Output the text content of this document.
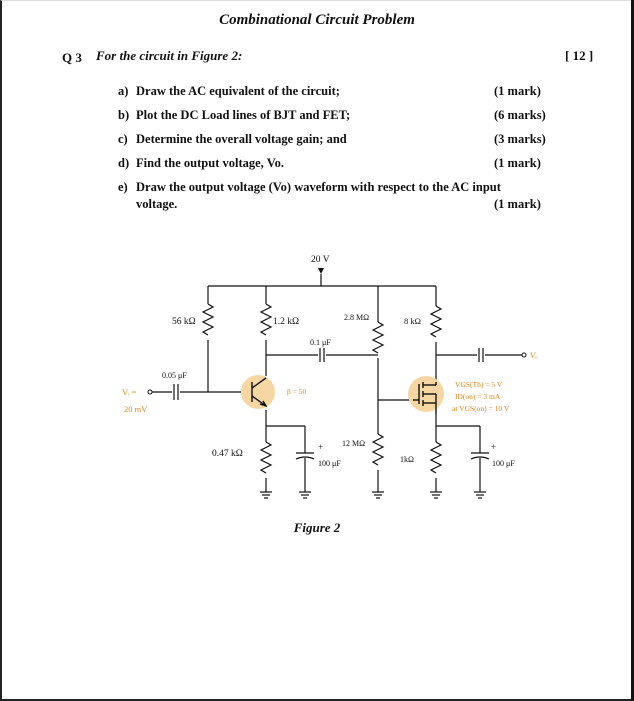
Combinational Circuit Problem
Q 3 For the circuit in Figure 2:	[ 12 ]
a) Draw the AC equivalent of the circuit;	(1 mark)
b) Plot the DC Load lines of BJT and FET;	(6 marks)
c) Determine the overall voltage gain; and	(3 marks)
d) Find the output voltage, Vo.	(1 mark)
e) Draw the output voltage (Vo) waveform with respect to the AC input
voltage.	(1 mark)
20 V
56 kΩ	1.2 kΩ	2.8 MΩ	8 kΩ
0.05 μF
Vᵢ =
20 mV
0.1 μF
β = 50
VGS(Th) = 5 V
ID(on) = 3 mA
at VGS(on) = 10 V
Vₒ
0.47 kΩ
100 μF
+ 12 MΩ
1kΩ	100 μF
+
Figure 2
